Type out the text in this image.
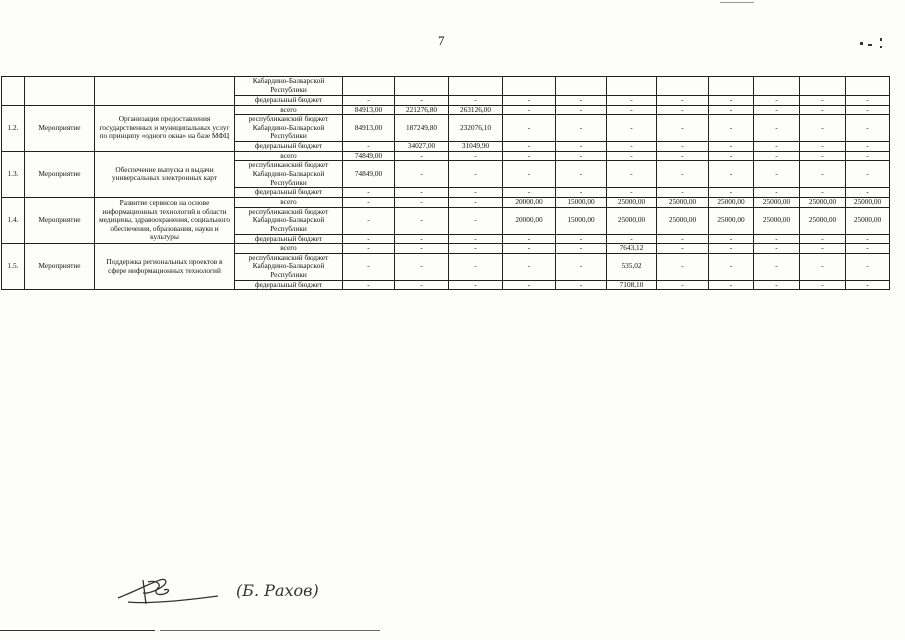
7
			Кабардино-Балкарской Республики											
			федеральный бюджет	-	-	-	-	-	-	-	-	-	-	-
1.2.	Мероприятие	Организация предоставления государственных и муниципальных услуг по принципу «одного окна» на базе МФЦ	всего	84913,00	221276,80	263126,00	-	-	-	-	-	-	-	-
			республиканский бюджет Кабардино-Балкарской Республики	84913,00	187249,80	232076,10	-	-	-	-	-	-	-	-
			федеральный бюджет	-	34027,00	31049,90	-	-	-	-	-	-	-	-
1.3.	Мероприятие	Обеспечение выпуска и выдачи универсальных электронных карт	всего	74849,00	-	-	-	-	-	-	-	-	-	-
			республиканский бюджет Кабардино-Балкарской Республики	74849,00	-	-	-	-	-	-	-	-	-	-
			федеральный бюджет	-	-	-	-	-	-	-	-	-	-	-
1.4.	Мероприятие	Развитие сервисов на основе информационных технологий в области медицины, здравоохранения, социального обеспечения, образования, науки и культуры	всего	-	-	-	20000,00	15000,00	25000,00	25000,00	25000,00	25000,00	25000,00	25000,00
			республиканский бюджет Кабардино-Балкарской Республики	-	-	-	20000,00	15000,00	25000,00	25000,00	25000,00	25000,00	25000,00	25000,00
			федеральный бюджет	-	-	-	-	-	-	-	-	-	-	-
1.5.	Мероприятие	Поддержка региональных проектов в сфере информационных технологий	всего	-	-	-	-	-	7643,12	-	-	-	-	-
			республиканский бюджет Кабардино-Балкарской Республики	-	-	-	-	-	535,02	-	-	-	-	-
			федеральный бюджет	-	-	-	-	-	7108,10	-	-	-	-	-
(Б. Рахов)
